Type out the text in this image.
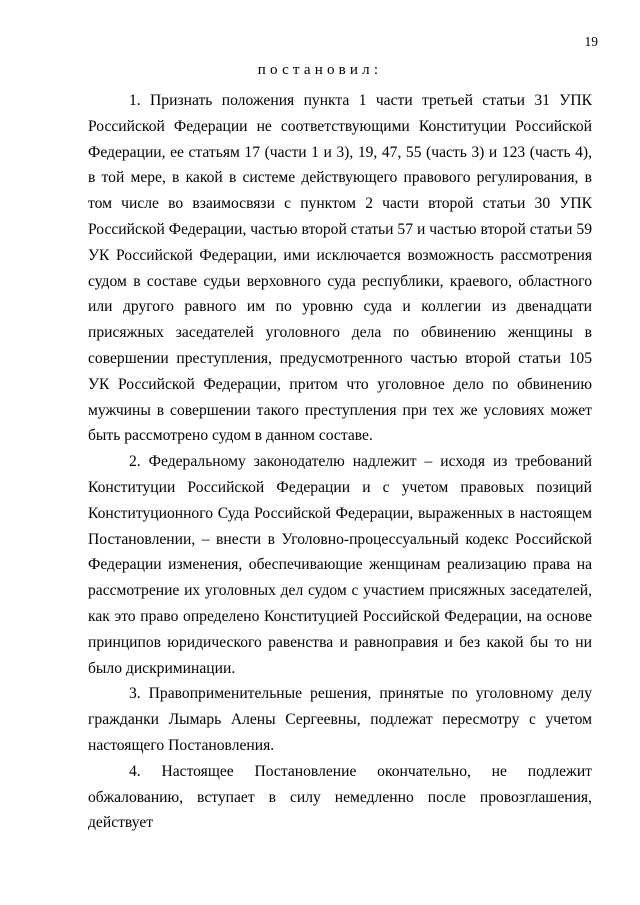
19
постановил:

1. Признать положения пункта 1 части третьей статьи 31 УПК Российской Федерации не соответствующими Конституции Российской Федерации, ее статьям 17 (части 1 и 3), 19, 47, 55 (часть 3) и 123 (часть 4), в той мере, в какой в системе действующего правового регулирования, в том числе во взаимосвязи с пунктом 2 части второй статьи 30 УПК Российской Федерации, частью второй статьи 57 и частью второй статьи 59 УК Российской Федерации, ими исключается возможность рассмотрения судом в составе судьи верховного суда республики, краевого, областного или другого равного им по уровню суда и коллегии из двенадцати присяжных заседателей уголовного дела по обвинению женщины в совершении преступления, предусмотренного частью второй статьи 105 УК Российской Федерации, притом что уголовное дело по обвинению мужчины в совершении такого преступления при тех же условиях может быть рассмотрено судом в данном составе.

2. Федеральному законодателю надлежит – исходя из требований Конституции Российской Федерации и с учетом правовых позиций Конституционного Суда Российской Федерации, выраженных в настоящем Постановлении, – внести в Уголовно-процессуальный кодекс Российской Федерации изменения, обеспечивающие женщинам реализацию права на рассмотрение их уголовных дел судом с участием присяжных заседателей, как это право определено Конституцией Российской Федерации, на основе принципов юридического равенства и равноправия и без какой бы то ни было дискриминации.

3. Правоприменительные решения, принятые по уголовному делу гражданки Лымарь Алены Сергеевны, подлежат пересмотру с учетом настоящего Постановления.

4. Настоящее Постановление окончательно, не подлежит обжалованию, вступает в силу немедленно после провозглашения, действует
